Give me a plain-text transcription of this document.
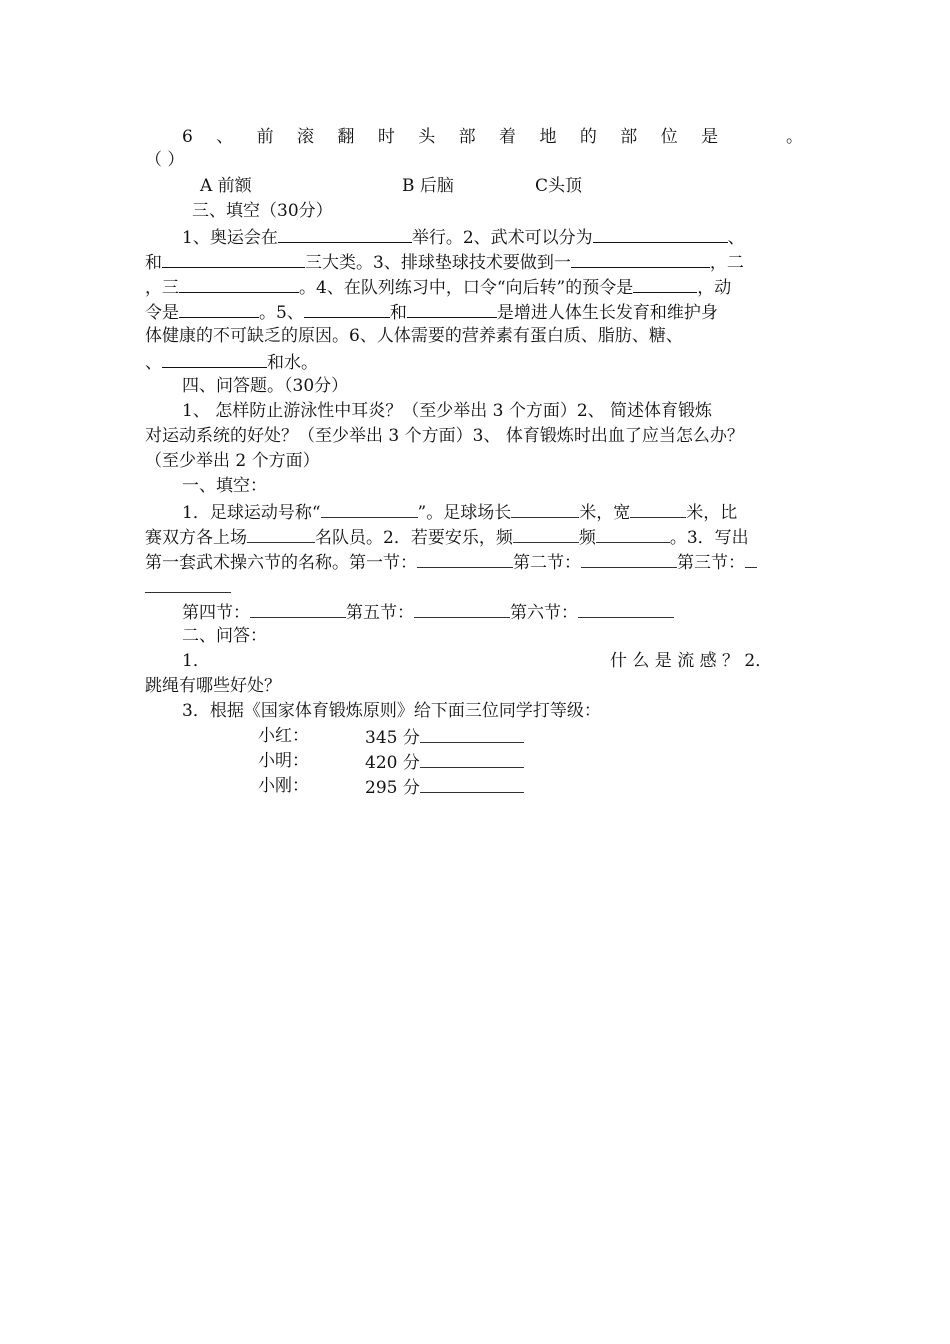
6 、 前 滚 翻 时 头 部 着 地 的 部 位 是	。
（ ）
A 前额	B 后脑	C头顶
三、填空（30分）
1、奥运会在	举行。2、武术可以分为	、
和	三大类。3、排球垫球技术要做到一	，二
，三	。4、在队列练习中，口令“向后转”的预令是	，动
令是	。5、	和	是增进人体生长发育和维护身
体健康的不可缺乏的原因。6、人体需要的营养素有蛋白质、脂肪、糖、
、	和水。
四、问答题。（30分）
1、 怎样防止游泳性中耳炎？（至少举出 3 个方面）2、 简述体育锻炼
对运动系统的好处？（至少举出 3 个方面）3、 体育锻炼时出血了应当怎么办？
（至少举出 2 个方面）
一、填空：
1．足球运动号称“	”。足球场长	米，宽	米，比
赛双方各上场	名队员。2．若要安乐，频	频	。3．写出
第一套武术操六节的名称。第一节：	第二节：	第三节：
第四节：	第五节：	第六节：
二、问答：
1．	什 么 是 流 感 ？ 2．
跳绳有哪些好处？
3．根据《国家体育锻炼原则》给下面三位同学打等级：
小红：	345 分
小明：	420 分
小刚：	295 分
